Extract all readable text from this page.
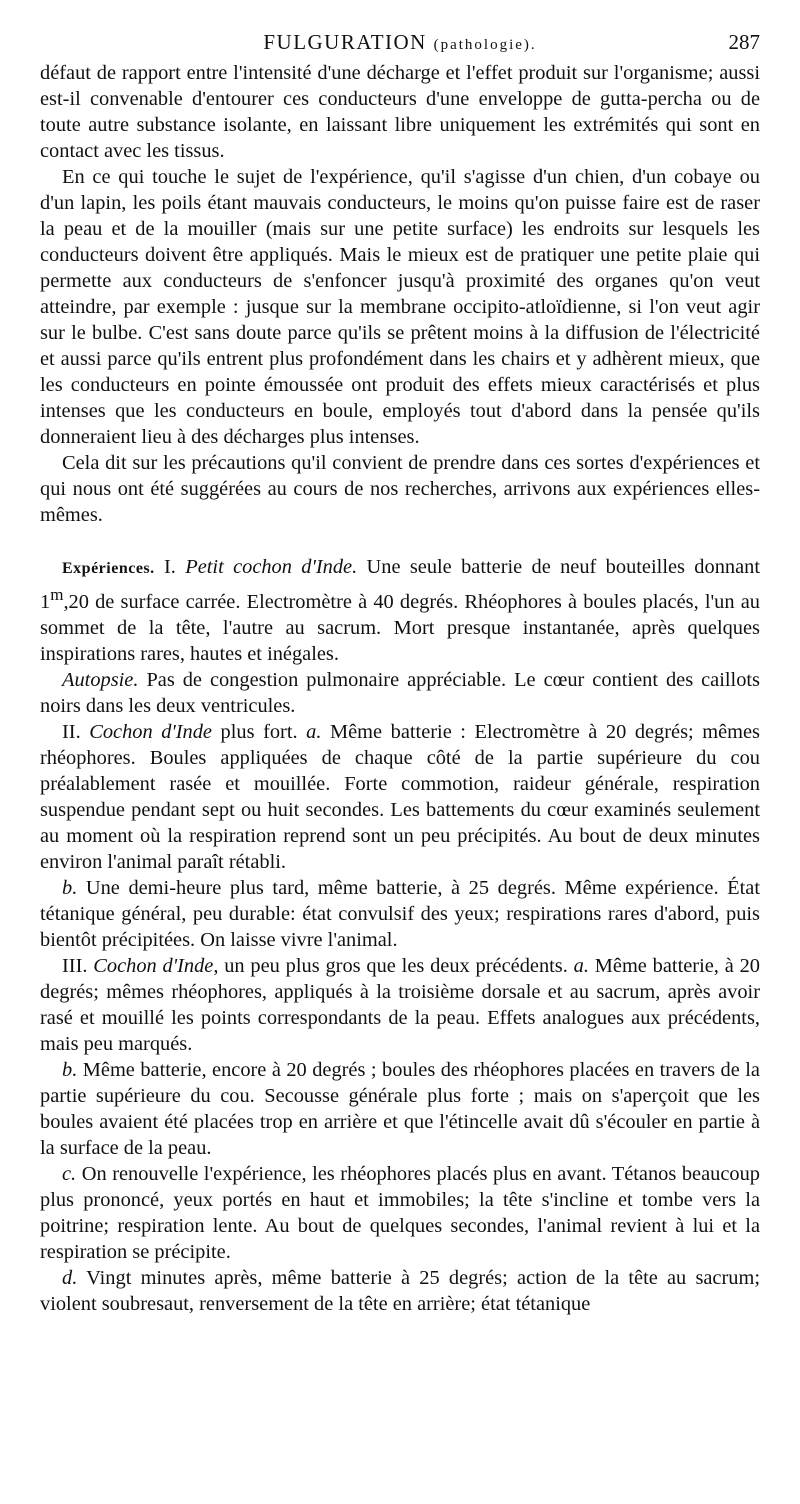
FULGURATION (pathologie).	287

défaut de rapport entre l'intensité d'une décharge et l'effet produit sur l'organisme; aussi est-il convenable d'entourer ces conducteurs d'une enveloppe de gutta-percha ou de toute autre substance isolante, en laissant libre uniquement les extrémités qui sont en contact avec les tissus.

En ce qui touche le sujet de l'expérience, qu'il s'agisse d'un chien, d'un cobaye ou d'un lapin, les poils étant mauvais conducteurs, le moins qu'on puisse faire est de raser la peau et de la mouiller (mais sur une petite surface) les endroits sur lesquels les conducteurs doivent être appliqués. Mais le mieux est de pratiquer une petite plaie qui permette aux conducteurs de s'enfoncer jusqu'à proximité des organes qu'on veut atteindre, par exemple : jusque sur la membrane occipito-atloïdienne, si l'on veut agir sur le bulbe. C'est sans doute parce qu'ils se prêtent moins à la diffusion de l'électricité et aussi parce qu'ils entrent plus profondément dans les chairs et y adhèrent mieux, que les conducteurs en pointe émoussée ont produit des effets mieux caractérisés et plus intenses que les conducteurs en boule, employés tout d'abord dans la pensée qu'ils donneraient lieu à des décharges plus intenses.

Cela dit sur les précautions qu'il convient de prendre dans ces sortes d'expériences et qui nous ont été suggérées au cours de nos recherches, arrivons aux expériences elles-mêmes.

Expériences. I. Petit cochon d'Inde. Une seule batterie de neuf bouteilles donnant 1$^m$,20 de surface carrée. Electromètre à 40 degrés. Rhéophores à boules placés, l'un au sommet de la tête, l'autre au sacrum. Mort presque instantanée, après quelques inspirations rares, hautes et inégales.

Autopsie. Pas de congestion pulmonaire appréciable. Le cœur contient des caillots noirs dans les deux ventricules.

II. Cochon d'Inde plus fort. a. Même batterie : Electromètre à 20 degrés; mêmes rhéophores. Boules appliquées de chaque côté de la partie supérieure du cou préalablement rasée et mouillée. Forte commotion, raideur générale, respiration suspendue pendant sept ou huit secondes. Les battements du cœur examinés seulement au moment où la respiration reprend sont un peu précipités. Au bout de deux minutes environ l'animal paraît rétabli.

b. Une demi-heure plus tard, même batterie, à 25 degrés. Même expérience. État tétanique général, peu durable: état convulsif des yeux; respirations rares d'abord, puis bientôt précipitées. On laisse vivre l'animal.

III. Cochon d'Inde, un peu plus gros que les deux précédents. a. Même batterie, à 20 degrés; mêmes rhéophores, appliqués à la troisième dorsale et au sacrum, après avoir rasé et mouillé les points correspondants de la peau. Effets analogues aux précédents, mais peu marqués.

b. Même batterie, encore à 20 degrés ; boules des rhéophores placées en travers de la partie supérieure du cou. Secousse générale plus forte ; mais on s'aperçoit que les boules avaient été placées trop en arrière et que l'étincelle avait dû s'écouler en partie à la surface de la peau.

c. On renouvelle l'expérience, les rhéophores placés plus en avant. Tétanos beaucoup plus prononcé, yeux portés en haut et immobiles; la tête s'incline et tombe vers la poitrine; respiration lente. Au bout de quelques secondes, l'animal revient à lui et la respiration se précipite.

d. Vingt minutes après, même batterie à 25 degrés; action de la tête au sacrum; violent soubresaut, renversement de la tête en arrière; état tétanique
